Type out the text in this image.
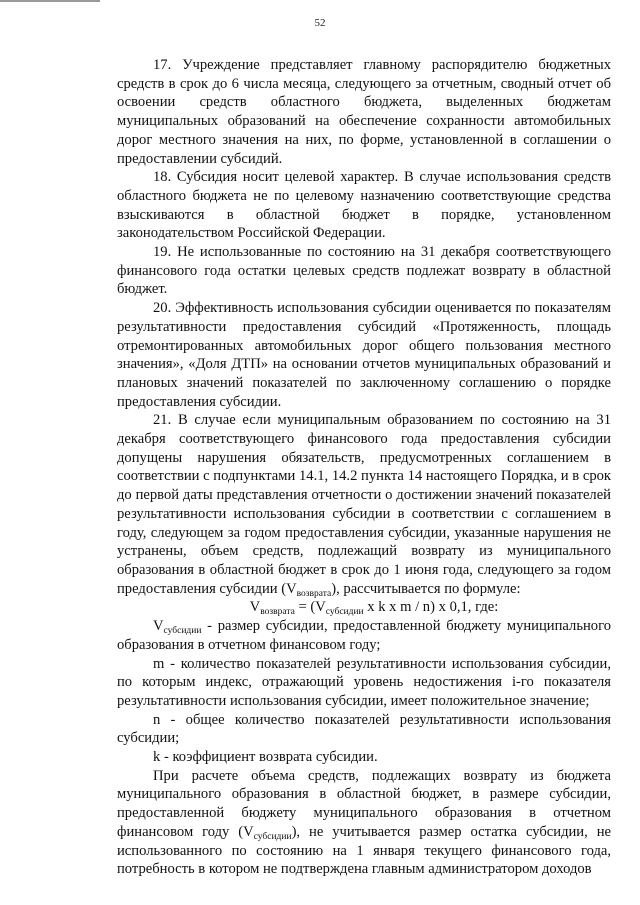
52

17. Учреждение представляет главному распорядителю бюджетных средств в срок до 6 числа месяца, следующего за отчетным, сводный отчет об освоении средств областного бюджета, выделенных бюджетам муниципальных образований на обеспечение сохранности автомобильных дорог местного значения на них, по форме, установленной в соглашении о предоставлении субсидий.

18. Субсидия носит целевой характер. В случае использования средств областного бюджета не по целевому назначению соответствующие средства взыскиваются в областной бюджет в порядке, установленном законодательством Российской Федерации.

19. Не использованные по состоянию на 31 декабря соответствующего финансового года остатки целевых средств подлежат возврату в областной бюджет.

20. Эффективность использования субсидии оценивается по показателям результативности предоставления субсидий «Протяженность, площадь отремонтированных автомобильных дорог общего пользования местного значения», «Доля ДТП» на основании отчетов муниципальных образований и плановых значений показателей по заключенному соглашению о порядке предоставления субсидии.

21. В случае если муниципальным образованием по состоянию на 31 декабря соответствующего финансового года предоставления субсидии допущены нарушения обязательств, предусмотренных соглашением в соответствии с подпунктами 14.1, 14.2 пункта 14 настоящего Порядка, и в срок до первой даты представления отчетности о достижении значений показателей результативности использования субсидии в соответствии с соглашением в году, следующем за годом предоставления субсидии, указанные нарушения не устранены, объем средств, подлежащий возврату из муниципального образования в областной бюджет в срок до 1 июня года, следующего за годом предоставления субсидии $(V_{возврата})$, рассчитывается по формуле:

$V_{возврата} = (V_{субсидии}$ x k x m / n) x 0,1, где:

$V_{субсидии}$ - размер субсидии, предоставленной бюджету муниципального образования в отчетном финансовом году;

m - количество показателей результативности использования субсидии, по которым индекс, отражающий уровень недостижения i-го показателя результативности использования субсидии, имеет положительное значение;

n - общее количество показателей результативности использования субсидии;

k - коэффициент возврата субсидии.

При расчете объема средств, подлежащих возврату из бюджета муниципального образования в областной бюджет, в размере субсидии, предоставленной бюджету муниципального образования в отчетном финансовом году $(V_{субсидии})$, не учитывается размер остатка субсидии, не использованного по состоянию на 1 января текущего финансового года, потребность в котором не подтверждена главным администратором доходов
